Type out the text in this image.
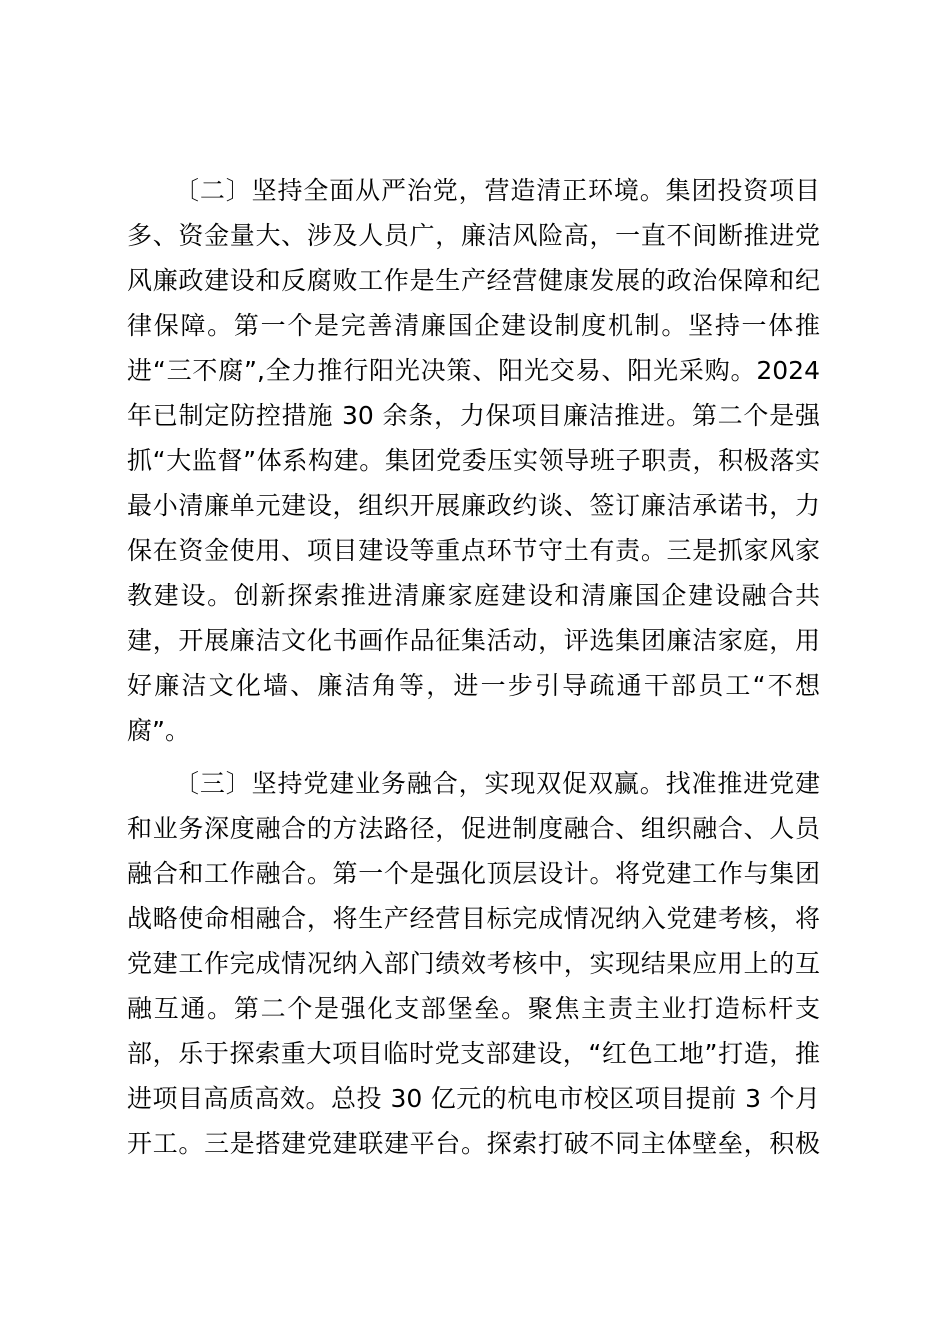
〔二〕坚持全面从严治党，营造清正环境。集团投资项目
多、资金量大、涉及人员广，廉洁风险高，一直不间断推进党
风廉政建设和反腐败工作是生产经营健康发展的政治保障和纪
律保障。第一个是完善清廉国企建设制度机制。坚持一体推
进“三不腐”,全力推行阳光决策、阳光交易、阳光采购。2024
年已制定防控措施 30 余条，力保项目廉洁推进。第二个是强
抓“大监督”体系构建。集团党委压实领导班子职责，积极落实
最小清廉单元建设，组织开展廉政约谈、签订廉洁承诺书，力
保在资金使用、项目建设等重点环节守土有责。三是抓家风家
教建设。创新探索推进清廉家庭建设和清廉国企建设融合共
建，开展廉洁文化书画作品征集活动，评选集团廉洁家庭，用
好廉洁文化墙、廉洁角等，进一步引导疏通干部员工“不想
腐”。
〔三〕坚持党建业务融合，实现双促双赢。找准推进党建
和业务深度融合的方法路径，促进制度融合、组织融合、人员
融合和工作融合。第一个是强化顶层设计。将党建工作与集团
战略使命相融合，将生产经营目标完成情况纳入党建考核，将
党建工作完成情况纳入部门绩效考核中，实现结果应用上的互
融互通。第二个是强化支部堡垒。聚焦主责主业打造标杆支
部，乐于探索重大项目临时党支部建设，“红色工地”打造，推
进项目高质高效。总投 30 亿元的杭电市校区项目提前 3 个月
开工。三是搭建党建联建平台。探索打破不同主体壁垒，积极
